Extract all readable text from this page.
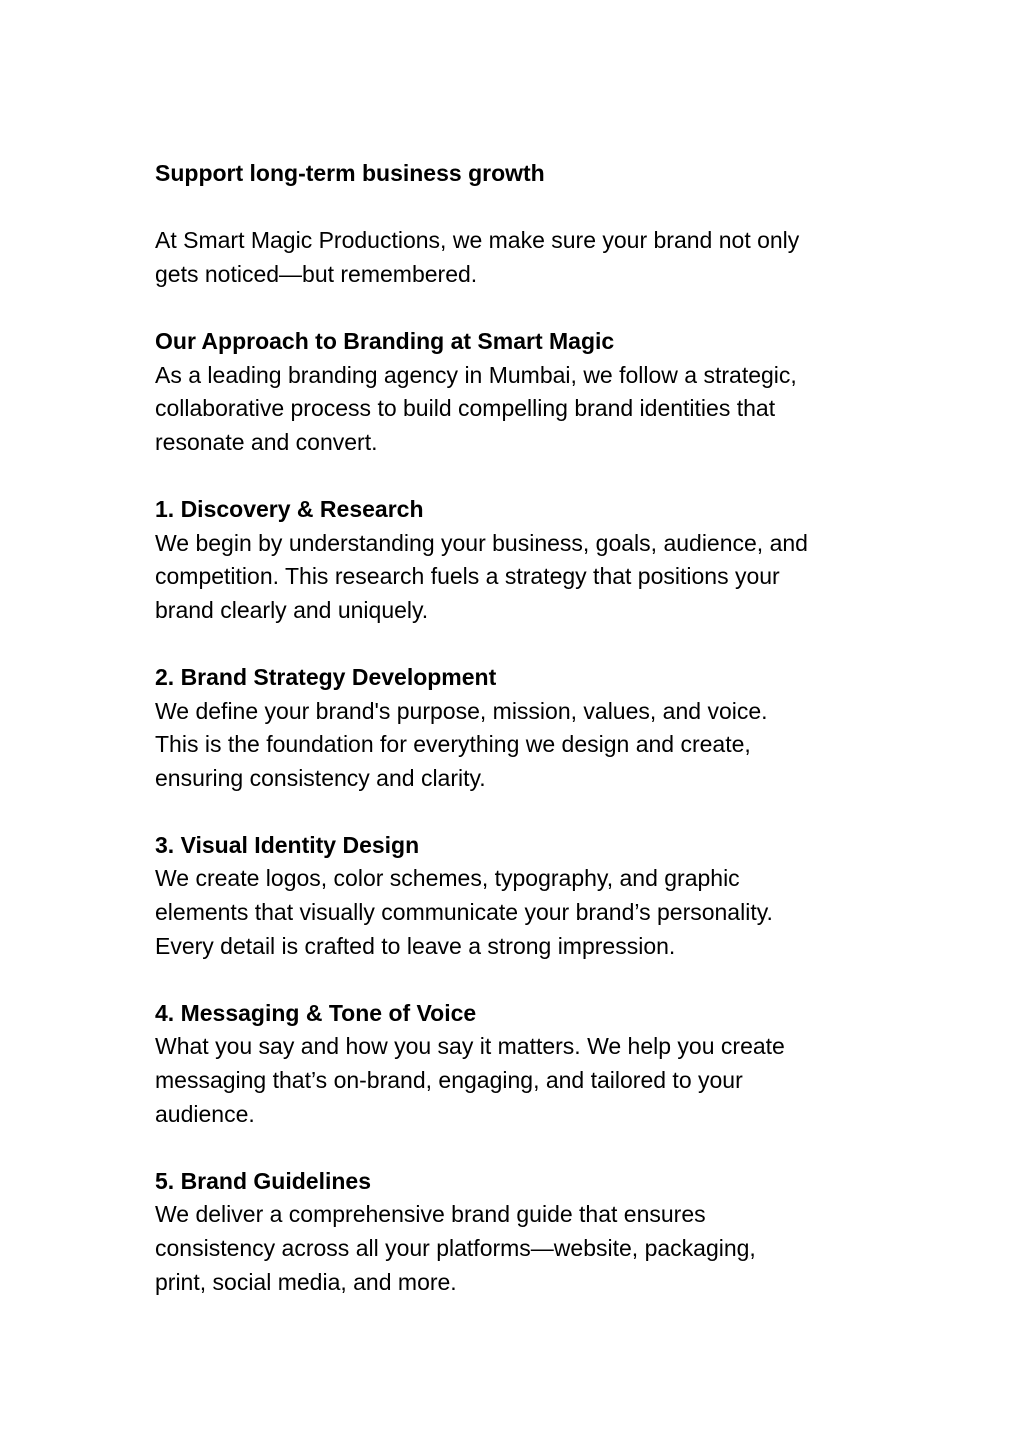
Support long-term business growth
At Smart Magic Productions, we make sure your brand not only
gets noticed—but remembered.
Our Approach to Branding at Smart Magic
As a leading branding agency in Mumbai, we follow a strategic,
collaborative process to build compelling brand identities that
resonate and convert.
1. Discovery & Research
We begin by understanding your business, goals, audience, and
competition. This research fuels a strategy that positions your
brand clearly and uniquely.
2. Brand Strategy Development
We define your brand's purpose, mission, values, and voice.
This is the foundation for everything we design and create,
ensuring consistency and clarity.
3. Visual Identity Design
We create logos, color schemes, typography, and graphic
elements that visually communicate your brand’s personality.
Every detail is crafted to leave a strong impression.
4. Messaging & Tone of Voice
What you say and how you say it matters. We help you create
messaging that’s on-brand, engaging, and tailored to your
audience.
5. Brand Guidelines
We deliver a comprehensive brand guide that ensures
consistency across all your platforms—website, packaging,
print, social media, and more.
